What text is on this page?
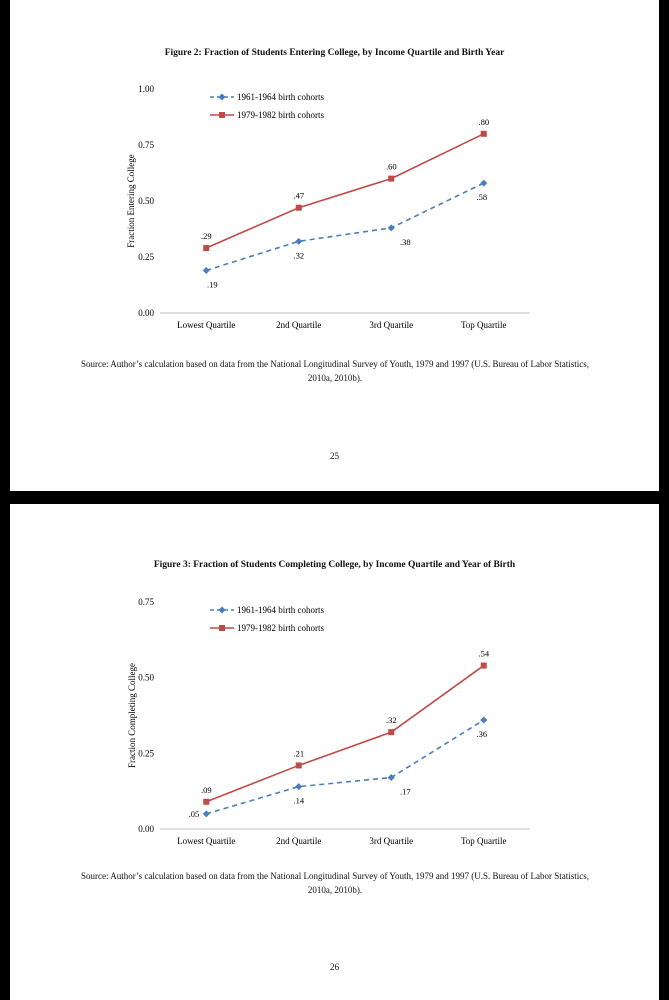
Figure 2: Fraction of Students Entering College, by Income Quartile and Birth Year
0.00
0.25
0.50
0.75
1.00
Fraction Entering College
Lowest Quartile	2nd Quartile	3rd Quartile	Top Quartile
.19
.32
.38
.58
1961-1964 birth cohorts
.29
.47
.60
.80
1979-1982 birth cohorts
Source: Author’s calculation based on data from the National Longitudinal Survey of Youth, 1979 and 1997 (U.S. Bureau of Labor Statistics, 2010a, 2010b).
25
Figure 3: Fraction of Students Completing College, by Income Quartile and Year of Birth
0.00
0.25
0.50
0.75
Fraction Completing College
Lowest Quartile	2nd Quartile	3rd Quartile	Top Quartile
.05
.14
.17
.36
1961-1964 birth cohorts
.09
.21
.32
.54
1979-1982 birth cohorts
Source: Author’s calculation based on data from the National Longitudinal Survey of Youth, 1979 and 1997 (U.S. Bureau of Labor Statistics, 2010a, 2010b).
26
